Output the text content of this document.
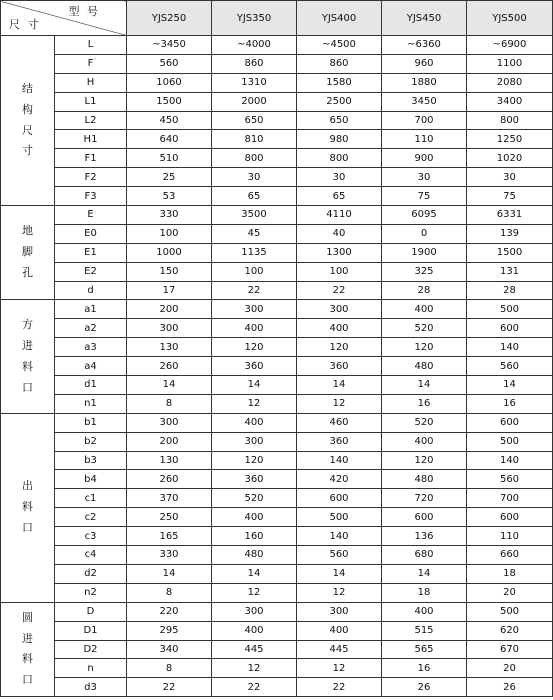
型 号
尺 寸		YJS250	YJS350	YJS400	YJS450	YJS500

结
构
尺
寸	L	~3450	~4000	~4500	~6360	~6900
	F	560	860	860	960	1100
	H	1060	1310	1580	1880	2080
	L1	1500	2000	2500	3450	3400
	L2	450	650	650	700	800
	H1	640	810	980	110	1250
	F1	510	800	800	900	1020
	F2	25	30	30	30	30
	F3	53	65	65	75	75

地
脚
孔	E	330	3500	4110	6095	6331
	E0	100	45	40	0	139
	E1	1000	1135	1300	1900	1500
	E2	150	100	100	325	131
	d	17	22	22	28	28

方
进
料
口	a1	200	300	300	400	500
	a2	300	400	400	520	600
	a3	130	120	120	120	140
	a4	260	360	360	480	560
	d1	14	14	14	14	14
	n1	8	12	12	16	16

出
料
口	b1	300	400	460	520	600
	b2	200	300	360	400	500
	b3	130	120	140	120	140
	b4	260	360	420	480	560
	c1	370	520	600	720	700
	c2	250	400	500	600	600
	c3	165	160	140	136	110
	c4	330	480	560	680	660
	d2	14	14	14	14	18
	n2	8	12	12	18	20

圆
进
料
口	D	220	300	300	400	500
	D1	295	400	400	515	620
	D2	340	445	445	565	670
	n	8	12	12	16	20
	d3	22	22	22	26	26
